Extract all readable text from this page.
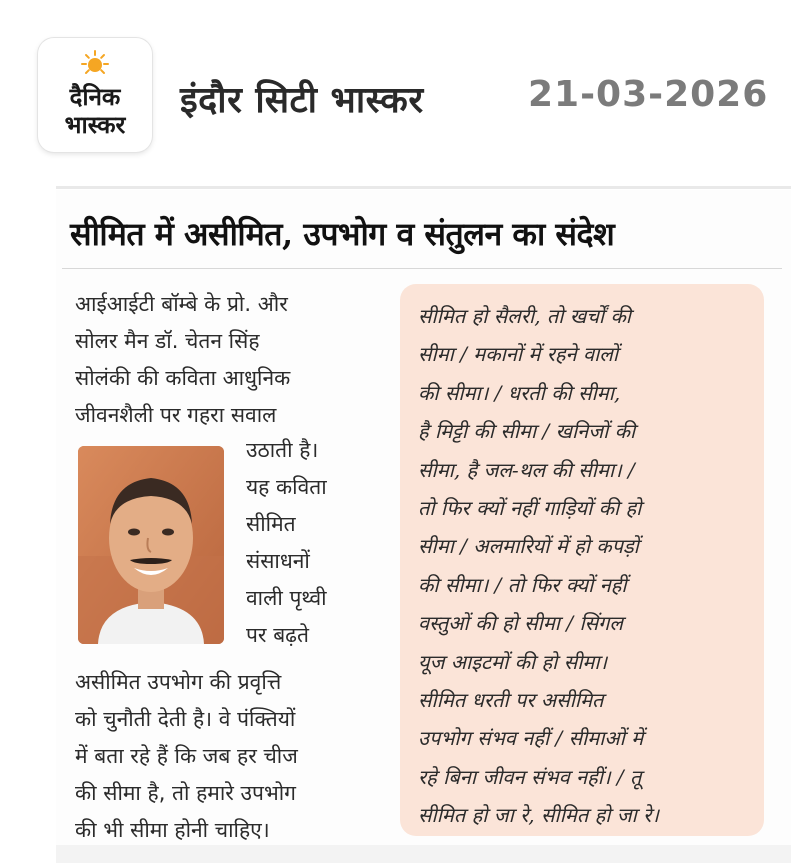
दैनिक
भास्कर
इंदौर सिटी भास्कर	21-03-2026
सीमित में असीमित, उपभोग व संतुलन का संदेश
आईआईटी बॉम्बे के प्रो. और
सोलर मैन डॉ. चेतन सिंह
सोलंकी की कविता आधुनिक
जीवनशैली पर गहरा सवाल
उठाती है।
यह कविता
सीमित
संसाधनों
वाली पृथ्वी
पर बढ़ते
असीमित उपभोग की प्रवृत्ति
को चुनौती देती है। वे पंक्तियों
में बता रहे हैं कि जब हर चीज
की सीमा है, तो हमारे उपभोग
की भी सीमा होनी चाहिए।
सीमित हो सैलरी, तो खर्चों की
सीमा / मकानों में रहने वालों
की सीमा। / धरती की सीमा,
है मिट्टी की सीमा / खनिजों की
सीमा, है जल-थल की सीमा। /
तो फिर क्यों नहीं गाड़ियों की हो
सीमा / अलमारियों में हो कपड़ों
की सीमा। / तो फिर क्यों नहीं
वस्तुओं की हो सीमा / सिंगल
यूज आइटमों की हो सीमा।
सीमित धरती पर असीमित
उपभोग संभव नहीं / सीमाओं में
रहे बिना जीवन संभव नहीं। / तू
सीमित हो जा रे, सीमित हो जा रे।
